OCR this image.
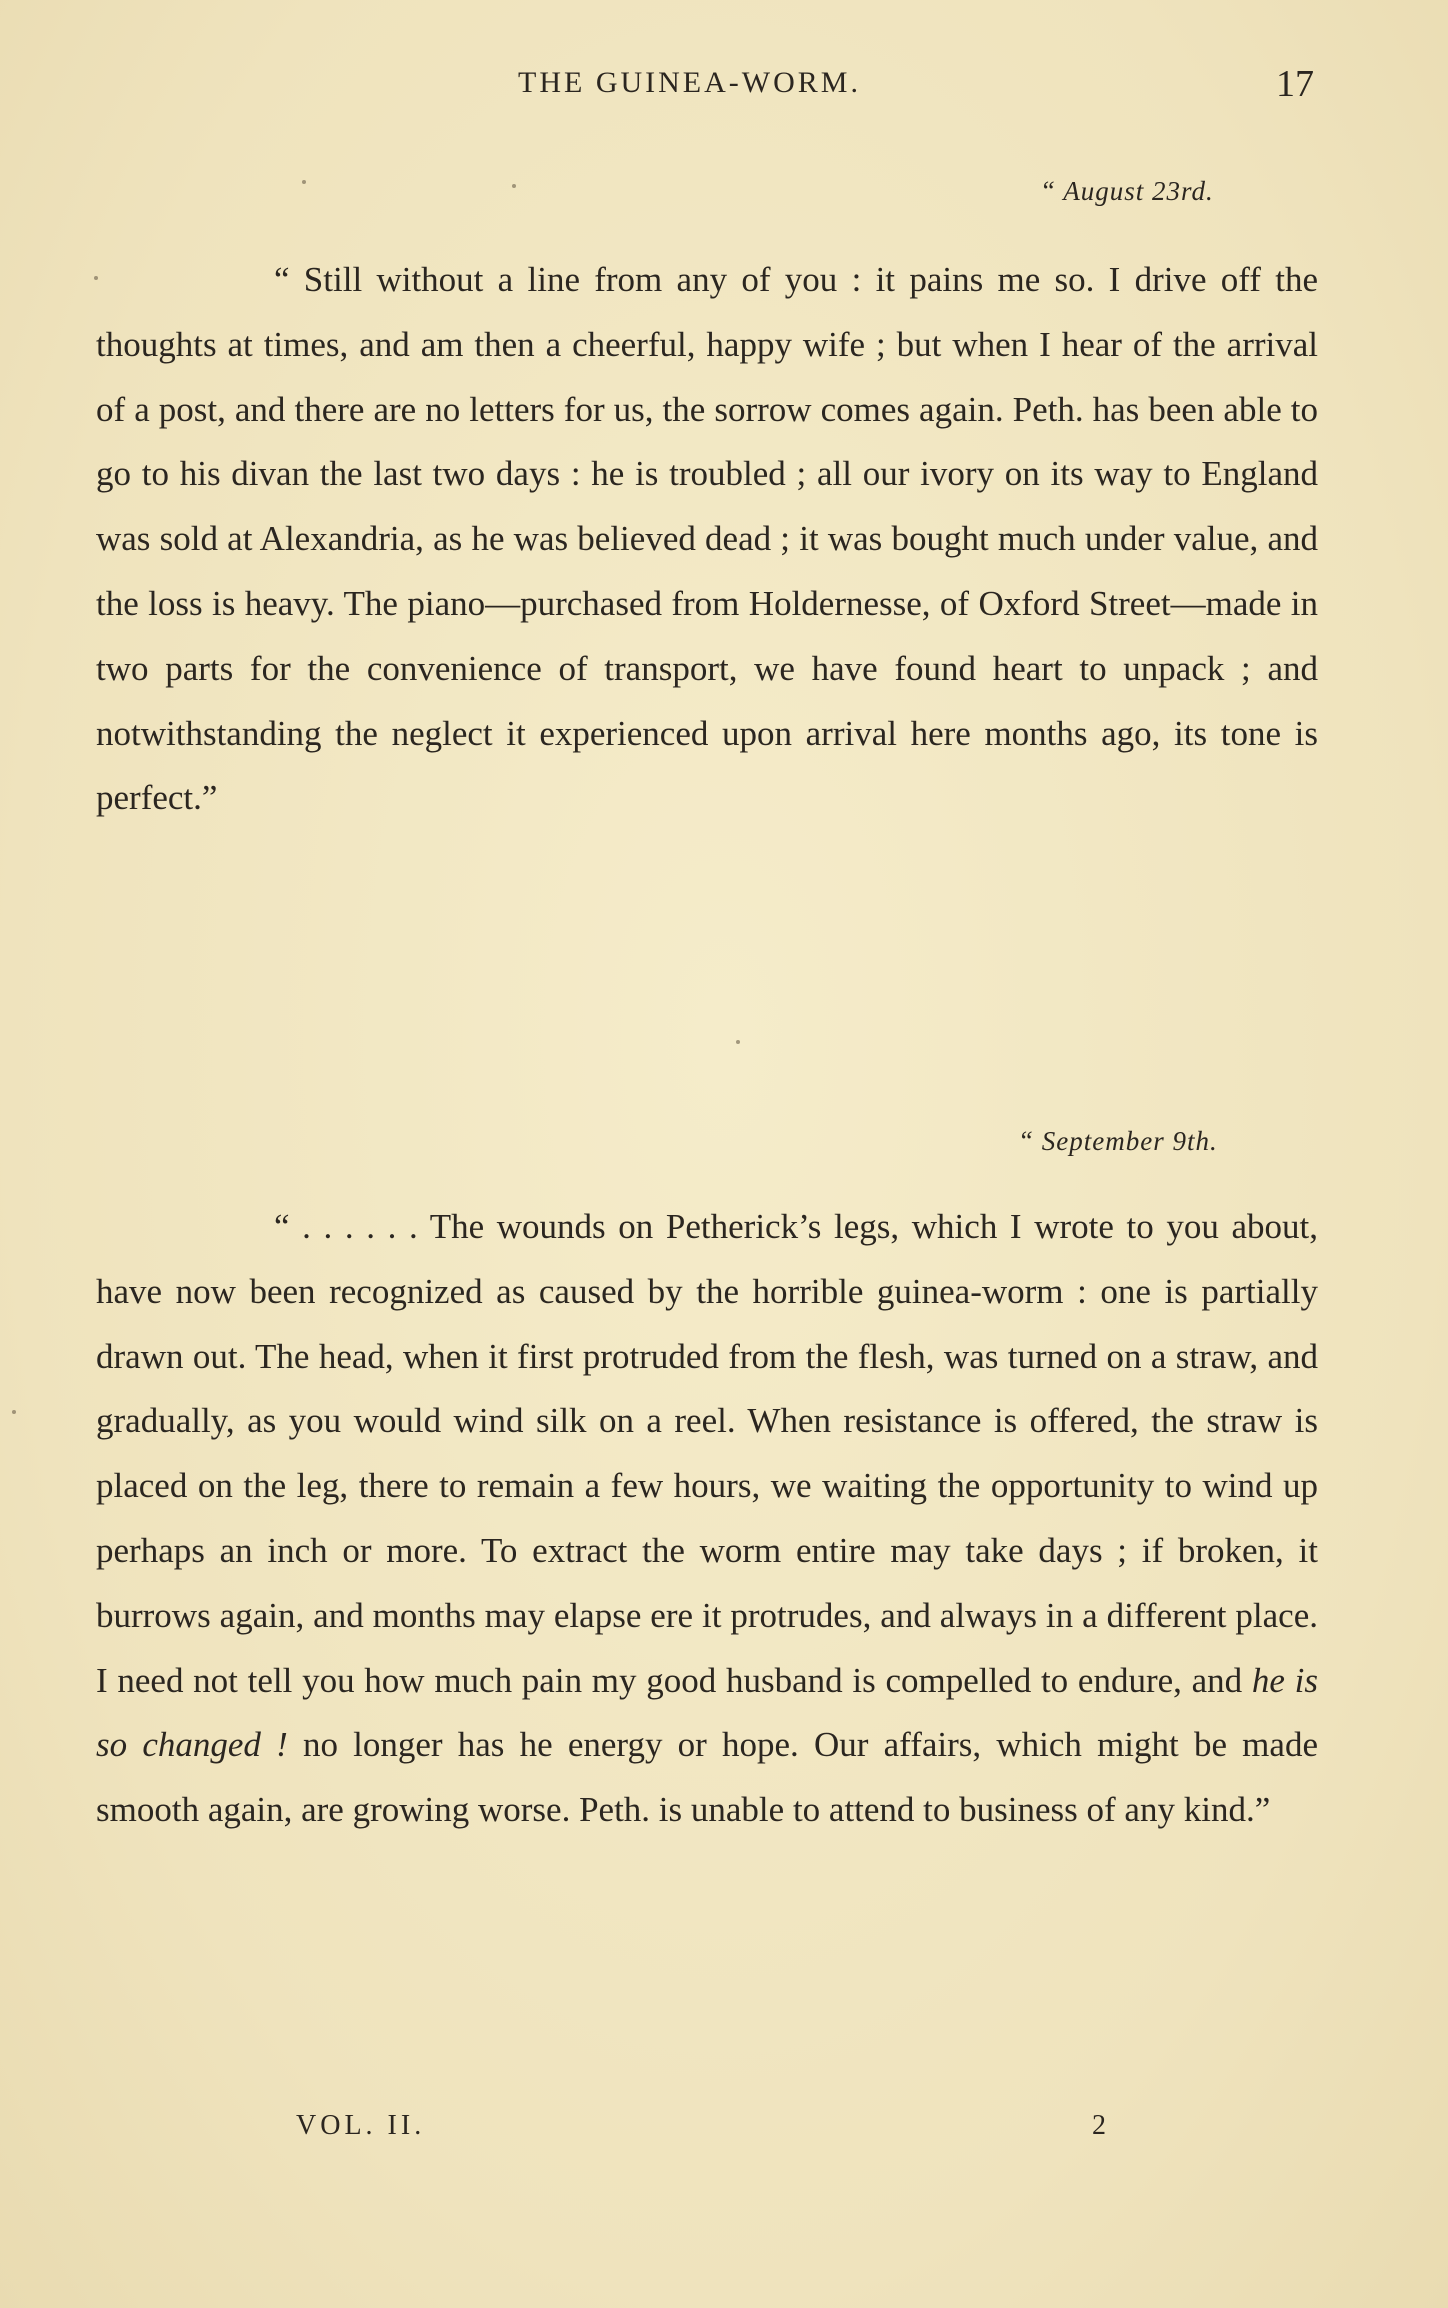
THE GUINEA-WORM.	17
“ August 23rd.

“ Still without a line from any of you : it pains me so. I drive off the thoughts at times, and am then a cheerful, happy wife ; but when I hear of the arrival of a post, and there are no letters for us, the sorrow comes again. Peth. has been able to go to his divan the last two days : he is troubled ; all our ivory on its way to England was sold at Alexandria, as he was believed dead ; it was bought much under value, and the loss is heavy. The piano—purchased from Holdernesse, of Oxford Street—made in two parts for the convenience of transport, we have found heart to unpack ; and notwithstanding the neglect it experienced upon arrival here months ago, its tone is perfect.”

“ September 9th.

“ . . . . . . The wounds on Petherick’s legs, which I wrote to you about, have now been recognized as caused by the horrible guinea-worm : one is partially drawn out. The head, when it first protruded from the flesh, was turned on a straw, and gradually, as you would wind silk on a reel. When resistance is offered, the straw is placed on the leg, there to remain a few hours, we waiting the opportunity to wind up perhaps an inch or more. To extract the worm entire may take days ; if broken, it burrows again, and months may elapse ere it protrudes, and always in a different place. I need not tell you how much pain my good husband is compelled to endure, and he is so changed ! no longer has he energy or hope. Our affairs, which might be made smooth again, are growing worse. Peth. is unable to attend to business of any kind.”

VOL. II.	2
